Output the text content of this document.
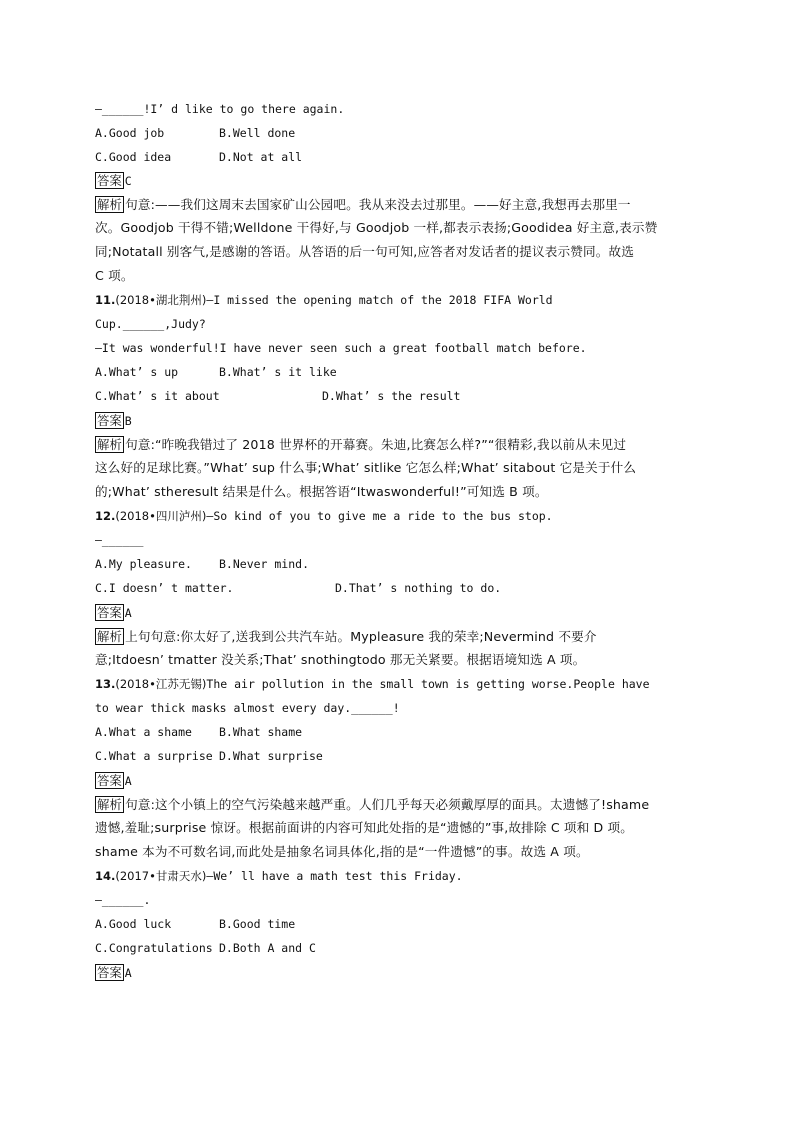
—______!I’ d like to go there again.
A.Good job	B.Well done
C.Good idea	D.Not at all
答案 C
解析 句意:——我们这周末去国家矿山公园吧。我从来没去过那里。——好主意,我想再去那里一
次。Goodjob 干得不错;Welldone 干得好,与 Goodjob 一样,都表示表扬;Goodidea 好主意,表示赞
同;Notatall 别客气,是感谢的答语。从答语的后一句可知,应答者对发话者的提议表示赞同。故选
C 项。
11.(2018•湖北荆州)—I missed the opening match of the 2018 FIFA World
Cup.______,Judy?
—It was wonderful!I have never seen such a great football match before.
A.What’ s up	B.What’ s it like
C.What’ s it about	D.What’ s the result
答案 B
解析 句意:“昨晚我错过了 2018 世界杯的开幕赛。朱迪,比赛怎么样?”“很精彩,我以前从未见过
这么好的足球比赛。”What’ sup 什么事;What’ sitlike 它怎么样;What’ sitabout 它是关于什么
的;What’ stheresult 结果是什么。根据答语“Itwaswonderful!”可知选 B 项。
12.(2018•四川泸州)—So kind of you to give me a ride to the bus stop.
—______
A.My pleasure. B.Never mind.
C.I doesn’ t matter.	D.That’ s nothing to do.
答案 A
解析 上句句意:你太好了,送我到公共汽车站。Mypleasure 我的荣幸;Nevermind 不要介
意;Itdoesn’ tmatter 没关系;That’ snothingtodo 那无关紧要。根据语境知选 A 项。
13.(2018•江苏无锡)The air pollution in the small town is getting worse.People have
to wear thick masks almost every day.______!
A.What a shame B.What shame
C.What a surprise D.What surprise
答案 A
解析 句意:这个小镇上的空气污染越来越严重。人们几乎每天必须戴厚厚的面具。太遗憾了!shame
遗憾,羞耻;surprise 惊讶。根据前面讲的内容可知此处指的是“遗憾的”事,故排除 C 项和 D 项。
shame 本为不可数名词,而此处是抽象名词具体化,指的是“一件遗憾”的事。故选 A 项。
14.(2017•甘肃天水)—We’ ll have a math test this Friday.
—______.
A.Good luck	B.Good time
C.Congratulations D.Both A and C
答案 A
